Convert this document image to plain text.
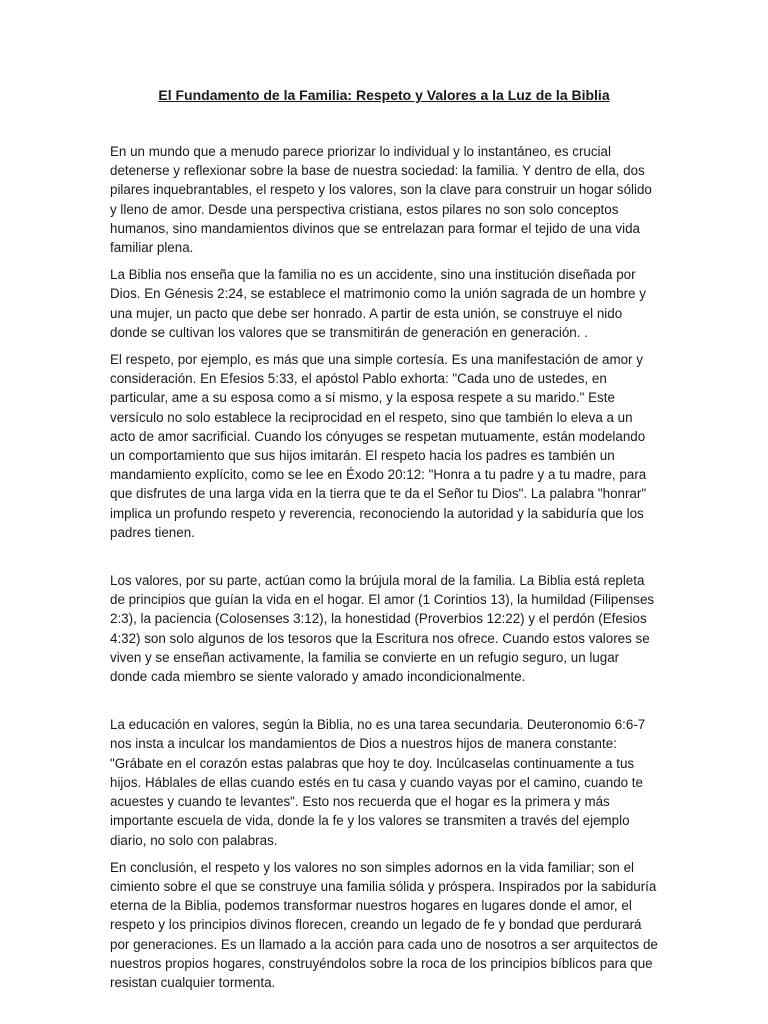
El Fundamento de la Familia: Respeto y Valores a la Luz de la Biblia

En un mundo que a menudo parece priorizar lo individual y lo instantáneo, es crucial detenerse y reflexionar sobre la base de nuestra sociedad: la familia. Y dentro de ella, dos pilares inquebrantables, el respeto y los valores, son la clave para construir un hogar sólido y lleno de amor. Desde una perspectiva cristiana, estos pilares no son solo conceptos humanos, sino mandamientos divinos que se entrelazan para formar el tejido de una vida familiar plena.

La Biblia nos enseña que la familia no es un accidente, sino una institución diseñada por Dios. En Génesis 2:24, se establece el matrimonio como la unión sagrada de un hombre y una mujer, un pacto que debe ser honrado. A partir de esta unión, se construye el nido donde se cultivan los valores que se transmitirán de generación en generación. .

El respeto, por ejemplo, es más que una simple cortesía. Es una manifestación de amor y consideración. En Efesios 5:33, el apóstol Pablo exhorta: "Cada uno de ustedes, en particular, ame a su esposa como a sí mismo, y la esposa respete a su marido." Este versículo no solo establece la reciprocidad en el respeto, sino que también lo eleva a un acto de amor sacrificial. Cuando los cónyuges se respetan mutuamente, están modelando un comportamiento que sus hijos imitarán. El respeto hacia los padres es también un mandamiento explícito, como se lee en Éxodo 20:12: "Honra a tu padre y a tu madre, para que disfrutes de una larga vida en la tierra que te da el Señor tu Dios". La palabra "honrar" implica un profundo respeto y reverencia, reconociendo la autoridad y la sabiduría que los padres tienen.

Los valores, por su parte, actúan como la brújula moral de la familia. La Biblia está repleta de principios que guían la vida en el hogar. El amor (1 Corintios 13), la humildad (Filipenses 2:3), la paciencia (Colosenses 3:12), la honestidad (Proverbios 12:22) y el perdón (Efesios 4:32) son solo algunos de los tesoros que la Escritura nos ofrece. Cuando estos valores se viven y se enseñan activamente, la familia se convierte en un refugio seguro, un lugar donde cada miembro se siente valorado y amado incondicionalmente.

La educación en valores, según la Biblia, no es una tarea secundaria. Deuteronomio 6:6-7 nos insta a inculcar los mandamientos de Dios a nuestros hijos de manera constante: "Grábate en el corazón estas palabras que hoy te doy. Incúlcaselas continuamente a tus hijos. Háblales de ellas cuando estés en tu casa y cuando vayas por el camino, cuando te acuestes y cuando te levantes". Esto nos recuerda que el hogar es la primera y más importante escuela de vida, donde la fe y los valores se transmiten a través del ejemplo diario, no solo con palabras.

En conclusión, el respeto y los valores no son simples adornos en la vida familiar; son el cimiento sobre el que se construye una familia sólida y próspera. Inspirados por la sabiduría eterna de la Biblia, podemos transformar nuestros hogares en lugares donde el amor, el respeto y los principios divinos florecen, creando un legado de fe y bondad que perdurará por generaciones. Es un llamado a la acción para cada uno de nosotros a ser arquitectos de nuestros propios hogares, construyéndolos sobre la roca de los principios bíblicos para que resistan cualquier tormenta.
